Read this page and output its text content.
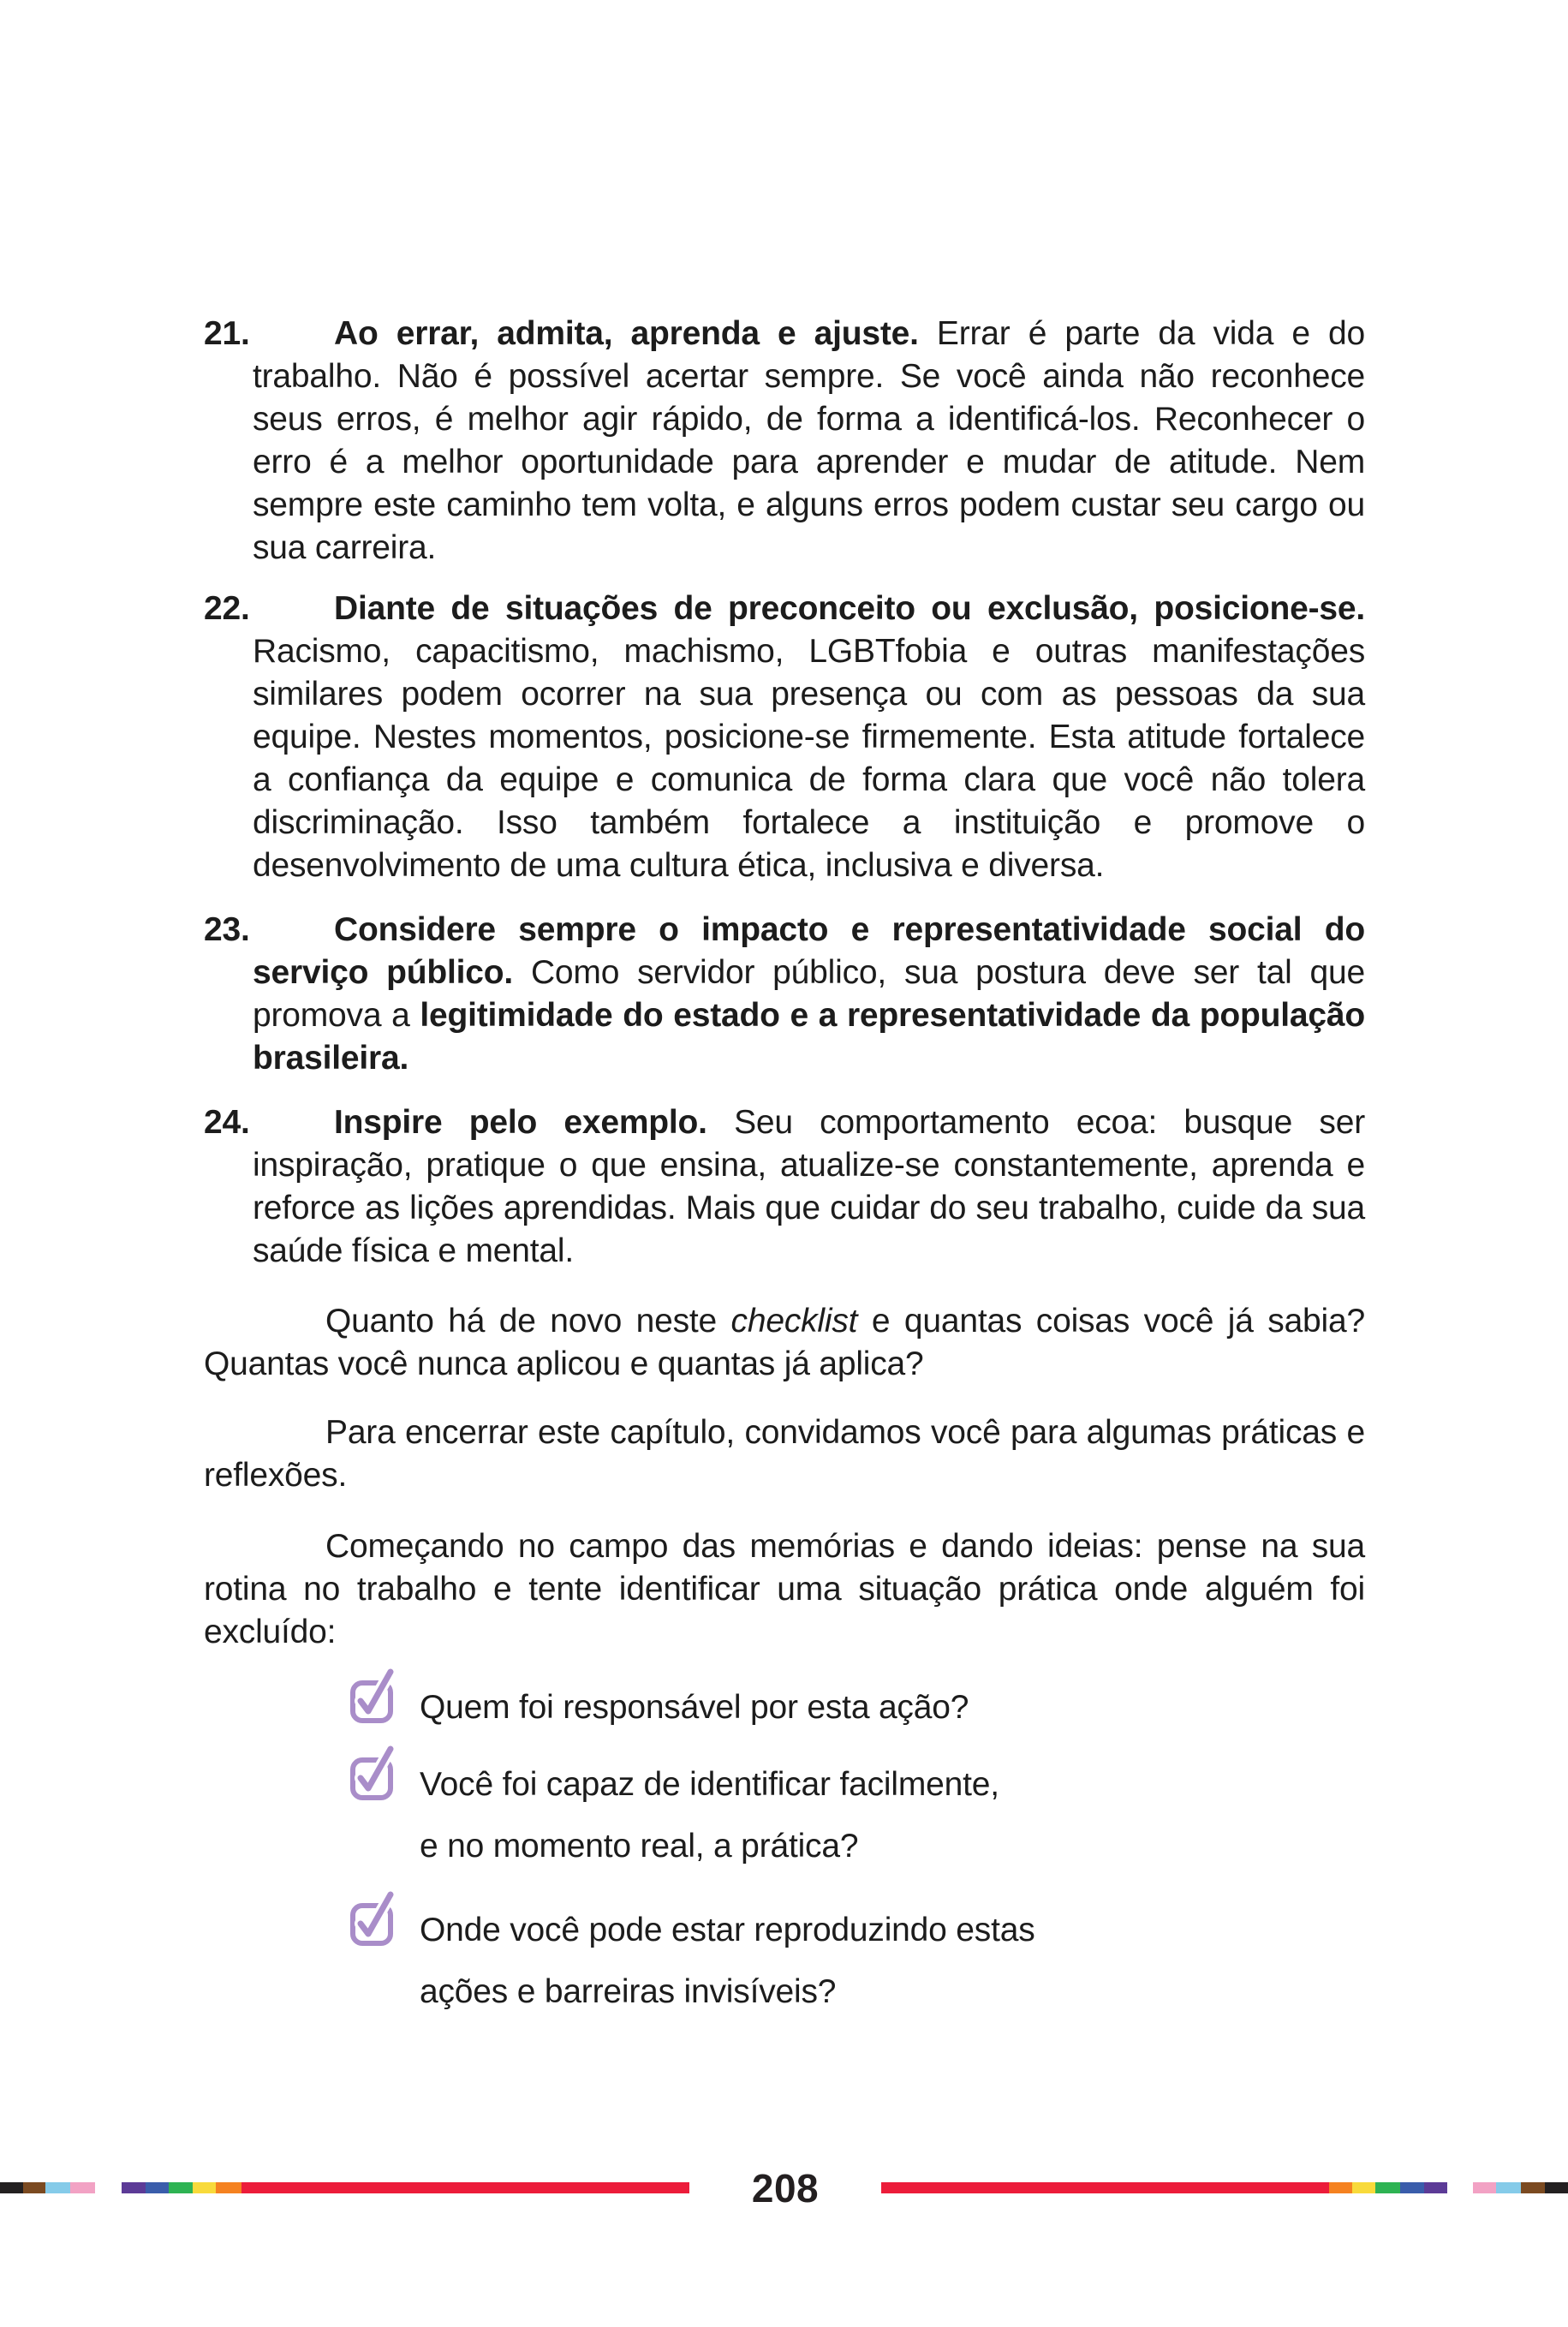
21.	Ao errar, admita, aprenda e ajuste. Errar é parte da vida e do trabalho. Não é possível acertar sempre. Se você ainda não reconhece seus erros, é melhor agir rápido, de forma a identificá-los. Reconhecer o erro é a melhor oportunidade para aprender e mudar de atitude. Nem sempre este caminho tem volta, e alguns erros podem custar seu cargo ou sua carreira.
22.	Diante de situações de preconceito ou exclusão, posicione-se. Racismo, capacitismo, machismo, LGBTfobia e outras manifestações similares podem ocorrer na sua presença ou com as pessoas da sua equipe. Nestes momentos, posicione-se firmemente. Esta atitude fortalece a confiança da equipe e comunica de forma clara que você não tolera discriminação. Isso também fortalece a instituição e promove o desenvolvimento de uma cultura ética, inclusiva e diversa.
23.	Considere sempre o impacto e representatividade social do serviço público. Como servidor público, sua postura deve ser tal que promova a legitimidade do estado e a representatividade da população brasileira.
24.	Inspire pelo exemplo. Seu comportamento ecoa: busque ser inspiração, pratique o que ensina, atualize-se constantemente, aprenda e reforce as lições aprendidas. Mais que cuidar do seu trabalho, cuide da sua saúde física e mental.
Quanto há de novo neste checklist e quantas coisas você já sabia? Quantas você nunca aplicou e quantas já aplica?
Para encerrar este capítulo, convidamos você para algumas práticas e reflexões.
Começando no campo das memórias e dando ideias: pense na sua rotina no trabalho e tente identificar uma situação prática onde alguém foi excluído:
Quem foi responsável por esta ação?
Você foi capaz de identificar facilmente,
e no momento real, a prática?
Onde você pode estar reproduzindo estas
ações e barreiras invisíveis?
208
